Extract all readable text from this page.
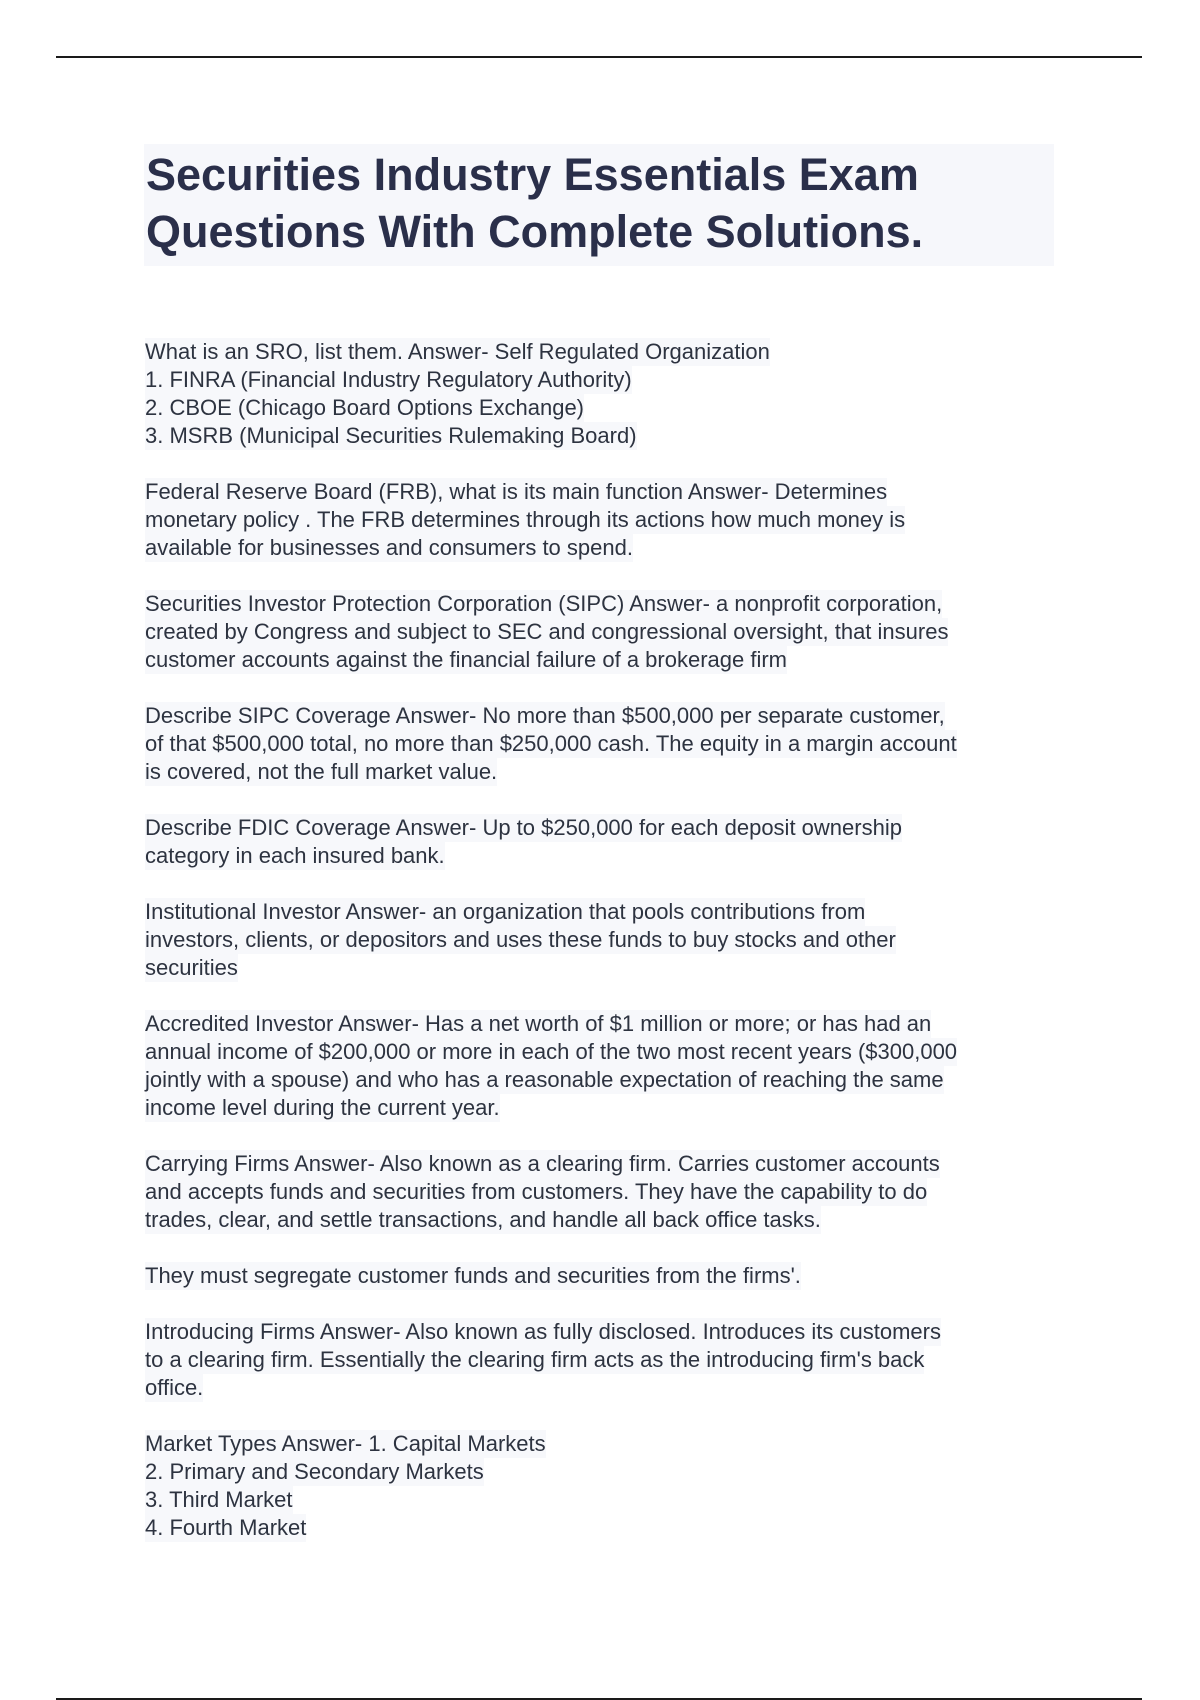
Securities Industry Essentials Exam
Questions With Complete Solutions.
What is an SRO, list them. Answer- Self Regulated Organization
1. FINRA (Financial Industry Regulatory Authority)
2. CBOE (Chicago Board Options Exchange)
3. MSRB (Municipal Securities Rulemaking Board)
Federal Reserve Board (FRB), what is its main function Answer- Determines
monetary policy . The FRB determines through its actions how much money is
available for businesses and consumers to spend.
Securities Investor Protection Corporation (SIPC) Answer- a nonprofit corporation,
created by Congress and subject to SEC and congressional oversight, that insures
customer accounts against the financial failure of a brokerage firm
Describe SIPC Coverage Answer- No more than $500,000 per separate customer,
of that $500,000 total, no more than $250,000 cash. The equity in a margin account
is covered, not the full market value.
Describe FDIC Coverage Answer- Up to $250,000 for each deposit ownership
category in each insured bank.
Institutional Investor Answer- an organization that pools contributions from
investors, clients, or depositors and uses these funds to buy stocks and other
securities
Accredited Investor Answer- Has a net worth of $1 million or more; or has had an
annual income of $200,000 or more in each of the two most recent years ($300,000
jointly with a spouse) and who has a reasonable expectation of reaching the same
income level during the current year.
Carrying Firms Answer- Also known as a clearing firm. Carries customer accounts
and accepts funds and securities from customers. They have the capability to do
trades, clear, and settle transactions, and handle all back office tasks.
They must segregate customer funds and securities from the firms'.
Introducing Firms Answer- Also known as fully disclosed. Introduces its customers
to a clearing firm. Essentially the clearing firm acts as the introducing firm's back
office.
Market Types Answer- 1. Capital Markets
2. Primary and Secondary Markets
3. Third Market
4. Fourth Market
